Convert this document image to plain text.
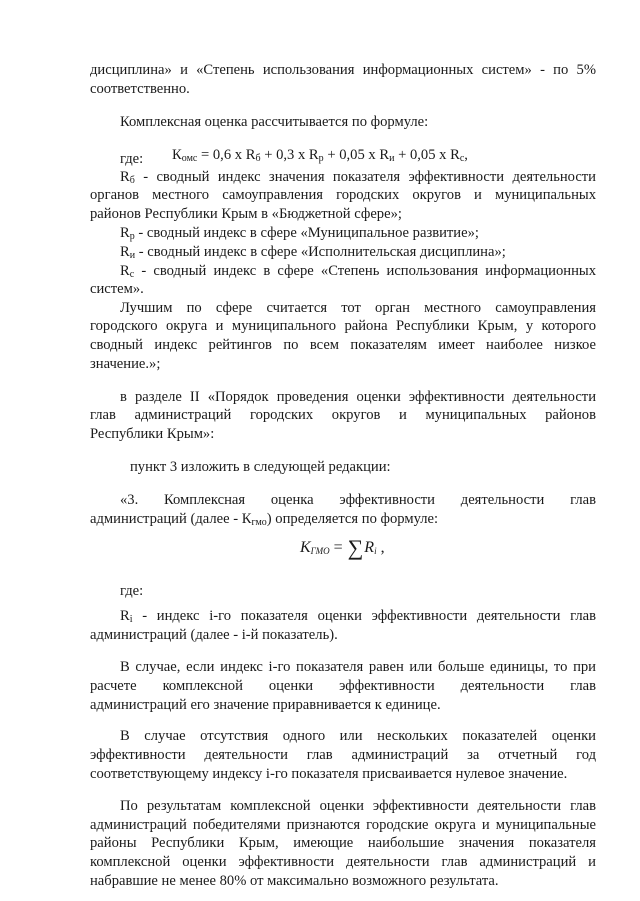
дисциплина» и «Степень использования информационных систем» - по 5%

соответственно.

Комплексная оценка рассчитывается по формуле:

$К_{омс} = 0,6$ х $R_б + 0,3$ х $R_р + 0,05$ х $R_и + 0,05$ х $R_с$,

где:

$R_б$ - сводный индекс значения показателя эффективности деятельности

органов местного самоуправления городских округов и муниципальных

районов Республики Крым в «Бюджетной сфере»;

$R_р$ - сводный индекс в сфере «Муниципальное развитие»;

$R_и$ - сводный индекс в сфере «Исполнительская дисциплина»;

$R_с$ - сводный индекс в сфере «Степень использования информационных

систем».

Лучшим по сфере считается тот орган местного самоуправления

городского округа и муниципального района Республики Крым, у которого

сводный индекс рейтингов по всем показателям имеет наиболее низкое

значение.»;

в разделе II «Порядок проведения оценки эффективности деятельности

глав администраций городских округов и муниципальных районов

Республики Крым»:

пункт 3 изложить в следующей редакции:

«3. Комплексная оценка эффективности деятельности глав

администраций (далее - $К_{гмо}$) определяется по формуле:

$K_{ГМО} = \sum R_i$ ,

где:

$R_i$ - индекс i-го показателя оценки эффективности деятельности глав

администраций (далее - i-й показатель).

В случае, если индекс i-го показателя равен или больше единицы, то при

расчете комплексной оценки эффективности деятельности глав

администраций его значение приравнивается к единице.

В случае отсутствия одного или нескольких показателей оценки

эффективности деятельности глав администраций за отчетный год

соответствующему индексу i-го показателя присваивается нулевое значение.

По результатам комплексной оценки эффективности деятельности глав

администраций победителями признаются городские округа и муниципальные

районы Республики Крым, имеющие наибольшие значения показателя

комплексной оценки эффективности деятельности глав администраций и

набравшие не менее 80% от максимально возможного результата.
